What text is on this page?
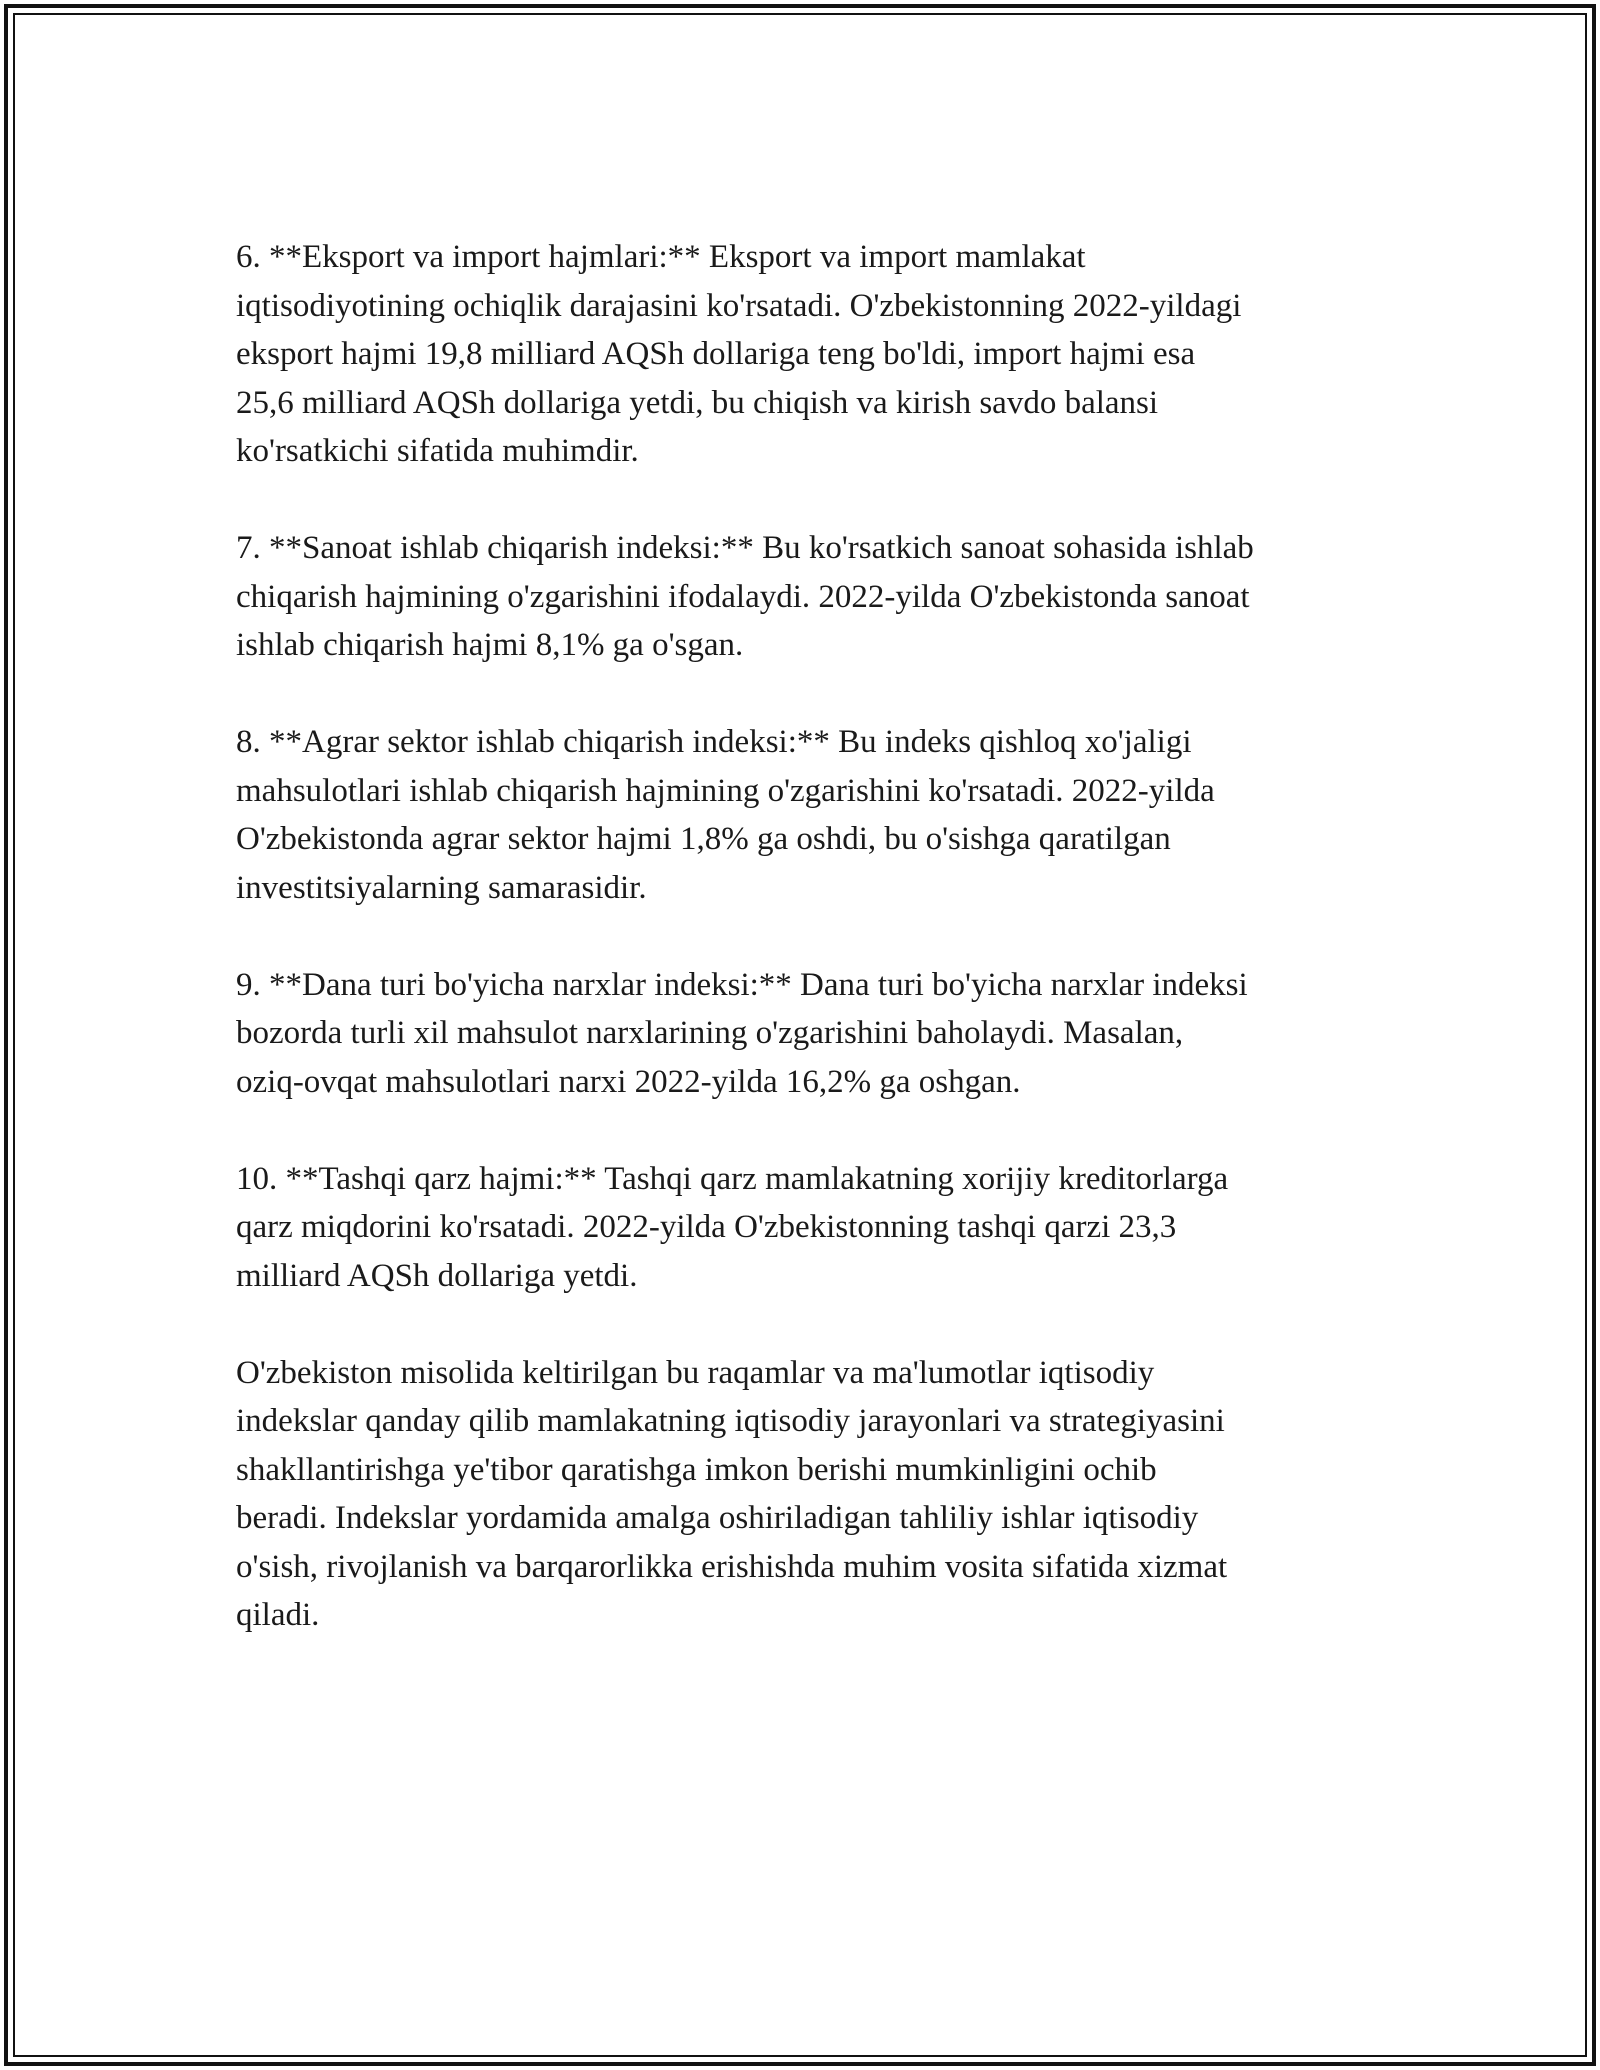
6. **Eksport va import hajmlari:** Eksport va import mamlakat
iqtisodiyotining ochiqlik darajasini ko'rsatadi. O'zbekistonning 2022-yildagi
eksport hajmi 19,8 milliard AQSh dollariga teng bo'ldi, import hajmi esa
25,6 milliard AQSh dollariga yetdi, bu chiqish va kirish savdo balansi
ko'rsatkichi sifatida muhimdir.

7. **Sanoat ishlab chiqarish indeksi:** Bu ko'rsatkich sanoat sohasida ishlab
chiqarish hajmining o'zgarishini ifodalaydi. 2022-yilda O'zbekistonda sanoat
ishlab chiqarish hajmi 8,1% ga o'sgan.

8. **Agrar sektor ishlab chiqarish indeksi:** Bu indeks qishloq xo'jaligi
mahsulotlari ishlab chiqarish hajmining o'zgarishini ko'rsatadi. 2022-yilda
O'zbekistonda agrar sektor hajmi 1,8% ga oshdi, bu o'sishga qaratilgan
investitsiyalarning samarasidir.

9. **Dana turi bo'yicha narxlar indeksi:** Dana turi bo'yicha narxlar indeksi
bozorda turli xil mahsulot narxlarining o'zgarishini baholaydi. Masalan,
oziq-ovqat mahsulotlari narxi 2022-yilda 16,2% ga oshgan.

10. **Tashqi qarz hajmi:** Tashqi qarz mamlakatning xorijiy kreditorlarga
qarz miqdorini ko'rsatadi. 2022-yilda O'zbekistonning tashqi qarzi 23,3
milliard AQSh dollariga yetdi.

O'zbekiston misolida keltirilgan bu raqamlar va ma'lumotlar iqtisodiy
indekslar qanday qilib mamlakatning iqtisodiy jarayonlari va strategiyasini
shakllantirishga ye'tibor qaratishga imkon berishi mumkinligini ochib
beradi. Indekslar yordamida amalga oshiriladigan tahliliy ishlar iqtisodiy
o'sish, rivojlanish va barqarorlikka erishishda muhim vosita sifatida xizmat
qiladi.
